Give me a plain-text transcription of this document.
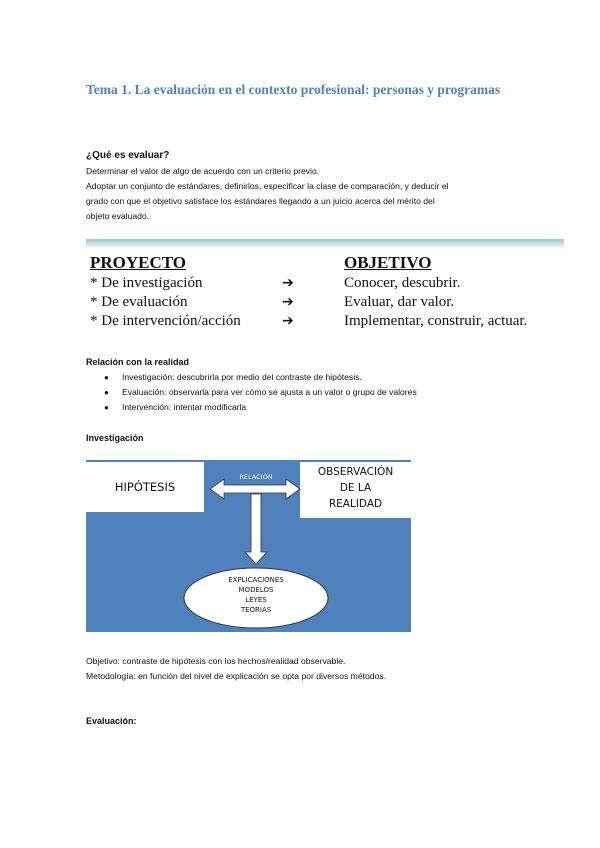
Tema 1. La evaluación en el contexto profesional: personas y programas
¿Qué es evaluar?
Determinar el valor de algo de acuerdo con un criterio previo.
Adoptar un conjunto de estándares, definirlos, especificar la clase de comparación, y deducir el
grado con que el objetivo satisface los estándares llegando a un juicio acerca del mérito del
objeto evaluado.
PROYECTO	OBJETIVO
* De investigación
* De evaluación
* De intervención/acción
➔
➔
➔
Conocer, descubrir.
Evaluar, dar valor.
Implementar, construir, actuar.
Relación con la realidad
● Investigación: descubrirla por medio del contraste de hipótesis.
● Evaluación: observarla para ver cómo se ajusta a un valor o grupo de valores
● Intervención: intentar modificarla
Investigación
HIPÓTESIS
OBSERVACIÓN
DE LA
REALIDAD
RELACIÓN
EXPLICACIONES
MODELOS
LEYES
TEORÍAS
Objetivo: contraste de hipótesis con los hechos/realidad observable.
Metodología: en función del nivel de explicación se opta por diversos métodos.
Evaluación:
